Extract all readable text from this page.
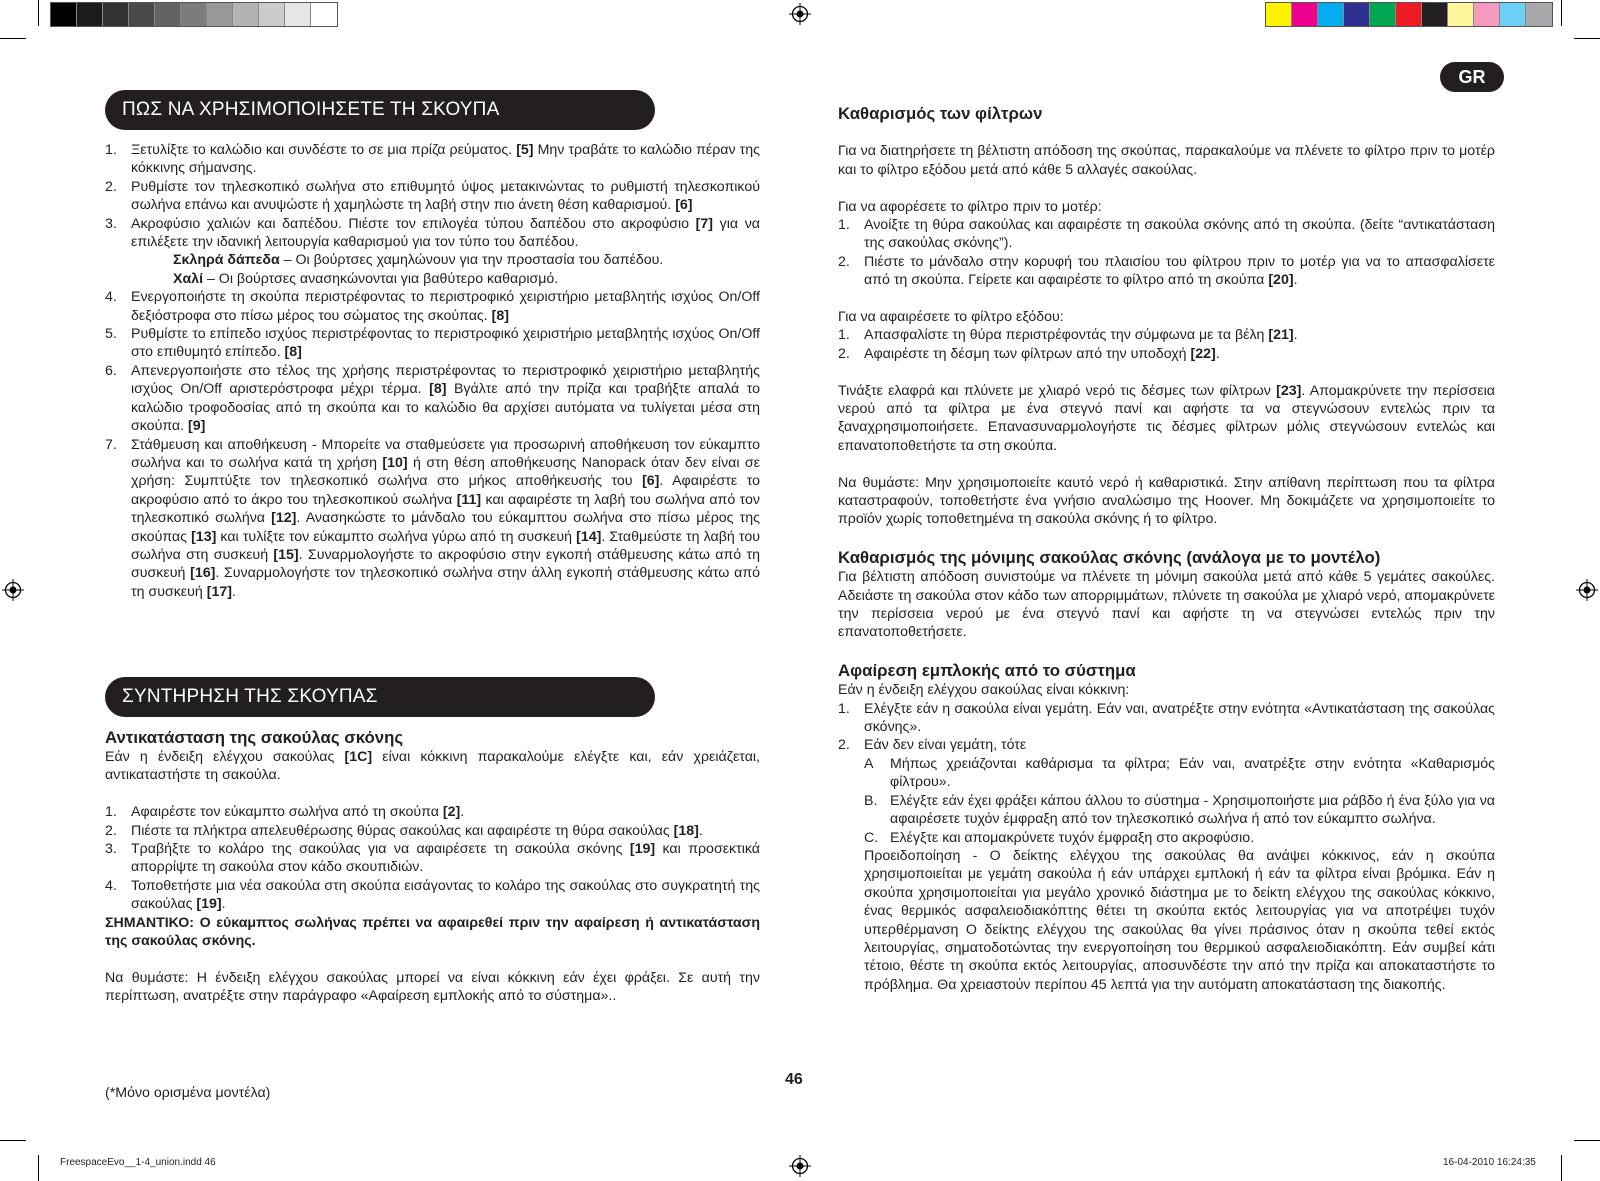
GR
ΠΩΣ ΝΑ ΧΡΗΣΙΜΟΠΟΙΗΣΕΤΕ ΤΗ ΣΚΟΥΠΑ
1. Ξετυλίξτε το καλώδιο και συνδέστε το σε μια πρίζα ρεύματος. [5] Μην τραβάτε το καλώδιο πέραν της κόκκινης σήμανσης.
2. Ρυθμίστε τον τηλεσκοπικό σωλήνα στο επιθυμητό ύψος μετακινώντας το ρυθμιστή τηλεσκοπικού σωλήνα επάνω και ανυψώστε ή χαμηλώστε τη λαβή στην πιο άνετη θέση καθαρισμού. [6]
3. Ακροφύσιο χαλιών και δαπέδου. Πιέστε τον επιλογέα τύπου δαπέδου στο ακροφύσιο [7] για να επιλέξετε την ιδανική λειτουργία καθαρισμού για τον τύπο του δαπέδου.
Σκληρά δάπεδα – Οι βούρτσες χαμηλώνουν για την προστασία του δαπέδου.
Χαλί – Οι βούρτσες ανασηκώνονται για βαθύτερο καθαρισμό.
4. Ενεργοποιήστε τη σκούπα περιστρέφοντας το περιστροφικό χειριστήριο μεταβλητής ισχύος On/Off δεξιόστροφα στο πίσω μέρος του σώματος της σκούπας. [8]
5. Ρυθμίστε το επίπεδο ισχύος περιστρέφοντας το περιστροφικό χειριστήριο μεταβλητής ισχύος On/Off στο επιθυμητό επίπεδο. [8]
6. Απενεργοποιήστε στο τέλος της χρήσης περιστρέφοντας το περιστροφικό χειριστήριο μεταβλητής ισχύος On/Off αριστερόστροφα μέχρι τέρμα. [8] Βγάλτε από την πρίζα και τραβήξτε απαλά το καλώδιο τροφοδοσίας από τη σκούπα και το καλώδιο θα αρχίσει αυτόματα να τυλίγεται μέσα στη σκούπα. [9]
7. Στάθμευση και αποθήκευση - Μπορείτε να σταθμεύσετε για προσωρινή αποθήκευση τον εύκαμπτο σωλήνα και το σωλήνα κατά τη χρήση [10] ή στη θέση αποθήκευσης Nanopack όταν δεν είναι σε χρήση: Συμπτύξτε τον τηλεσκοπικό σωλήνα στο μήκος αποθήκευσής του [6]. Αφαιρέστε το ακροφύσιο από το άκρο του τηλεσκοπικού σωλήνα [11] και αφαιρέστε τη λαβή του σωλήνα από τον τηλεσκοπικό σωλήνα [12]. Ανασηκώστε το μάνδαλο του εύκαμπτου σωλήνα στο πίσω μέρος της σκούπας [13] και τυλίξτε τον εύκαμπτο σωλήνα γύρω από τη συσκευή [14]. Σταθμεύστε τη λαβή του σωλήνα στη συσκευή [15]. Συναρμολογήστε το ακροφύσιο στην εγκοπή στάθμευσης κάτω από τη συσκευή [16]. Συναρμολογήστε τον τηλεσκοπικό σωλήνα στην άλλη εγκοπή στάθμευσης κάτω από τη συσκευή [17].
ΣΥΝΤΗΡΗΣΗ ΤΗΣ ΣΚΟΥΠΑΣ
Αντικατάσταση της σακούλας σκόνης

Εάν η ένδειξη ελέγχου σακούλας [1C] είναι κόκκινη παρακαλούμε ελέγξτε και, εάν χρειάζεται, αντικαταστήστε τη σακούλα.

1. Αφαιρέστε τον εύκαμπτο σωλήνα από τη σκούπα [2].
2. Πιέστε τα πλήκτρα απελευθέρωσης θύρας σακούλας και αφαιρέστε τη θύρα σακούλας [18].
3. Τραβήξτε το κολάρο της σακούλας για να αφαιρέσετε τη σακούλα σκόνης [19] και προσεκτικά απορρίψτε τη σακούλα στον κάδο σκουπιδιών.
4. Τοποθετήστε μια νέα σακούλα στη σκούπα εισάγοντας το κολάρο της σακούλας στο συγκρατητή της σακούλας [19].

ΣΗΜΑΝΤΙΚΟ: Ο εύκαμπτος σωλήνας πρέπει να αφαιρεθεί πριν την αφαίρεση ή αντικατάσταση της σακούλας σκόνης.

Να θυμάστε: Η ένδειξη ελέγχου σακούλας μπορεί να είναι κόκκινη εάν έχει φράξει. Σε αυτή την περίπτωση, ανατρέξτε στην παράγραφο «Αφαίρεση εμπλοκής από το σύστημα»..

Καθαρισμός των φίλτρων

Για να διατηρήσετε τη βέλτιστη απόδοση της σκούπας, παρακαλούμε να πλένετε το φίλτρο πριν το μοτέρ και το φίλτρο εξόδου μετά από κάθε 5 αλλαγές σακούλας.

Για να αφορέσετε το φίλτρο πριν το μοτέρ:

1. Ανοίξτε τη θύρα σακούλας και αφαιρέστε τη σακούλα σκόνης από τη σκούπα. (δείτε “αντικατάσταση της σακούλας σκόνης”).
2. Πιέστε το μάνδαλο στην κορυφή του πλαισίου του φίλτρου πριν το μοτέρ για να το απασφαλίσετε από τη σκούπα. Γείρετε και αφαιρέστε το φίλτρο από τη σκούπα [20].

Για να αφαιρέσετε το φίλτρο εξόδου:

1. Απασφαλίστε τη θύρα περιστρέφοντάς την σύμφωνα με τα βέλη [21].
2. Αφαιρέστε τη δέσμη των φίλτρων από την υποδοχή [22].

Τινάξτε ελαφρά και πλύνετε με χλιαρό νερό τις δέσμες των φίλτρων [23]. Απομακρύνετε την περίσσεια νερού από τα φίλτρα με ένα στεγνό πανί και αφήστε τα να στεγνώσουν εντελώς πριν τα ξαναχρησιμοποιήσετε. Επανασυναρμολογήστε τις δέσμες φίλτρων μόλις στεγνώσουν εντελώς και επανατοποθετήστε τα στη σκούπα.

Να θυμάστε: Μην χρησιμοποιείτε καυτό νερό ή καθαριστικά. Στην απίθανη περίπτωση που τα φίλτρα καταστραφούν, τοποθετήστε ένα γνήσιο αναλώσιμο της Hoover. Μη δοκιμάζετε να χρησιμοποιείτε το προϊόν χωρίς τοποθετημένα τη σακούλα σκόνης ή το φίλτρο.

Καθαρισμός της μόνιμης σακούλας σκόνης (ανάλογα με το μοντέλο)

Για βέλτιστη απόδοση συνιστούμε να πλένετε τη μόνιμη σακούλα μετά από κάθε 5 γεμάτες σακούλες. Αδειάστε τη σακούλα στον κάδο των απορριμμάτων, πλύνετε τη σακούλα με χλιαρό νερό, απομακρύνετε την περίσσεια νερού με ένα στεγνό πανί και αφήστε τη να στεγνώσει εντελώς πριν την επανατοποθετήσετε.

Αφαίρεση εμπλοκής από το σύστημα

Εάν η ένδειξη ελέγχου σακούλας είναι κόκκινη:

1. Ελέγξτε εάν η σακούλα είναι γεμάτη. Εάν ναι, ανατρέξτε στην ενότητα «Αντικατάσταση της σακούλας σκόνης».
2. Εάν δεν είναι γεμάτη, τότε
A Μήπως χρειάζονται καθάρισμα τα φίλτρα; Εάν ναι, ανατρέξτε στην ενότητα «Καθαρισμός φίλτρου».
B. Ελέγξτε εάν έχει φράξει κάπου άλλου το σύστημα - Χρησιμοποιήστε μια ράβδο ή ένα ξύλο για να αφαιρέσετε τυχόν έμφραξη από τον τηλεσκοπικό σωλήνα ή από τον εύκαμπτο σωλήνα.
C. Ελέγξτε και απομακρύνετε τυχόν έμφραξη στο ακροφύσιο.

Προειδοποίηση - Ο δείκτης ελέγχου της σακούλας θα ανάψει κόκκινος, εάν η σκούπα χρησιμοποιείται με γεμάτη σακούλα ή εάν υπάρχει εμπλοκή ή εάν τα φίλτρα είναι βρόμικα. Εάν η σκούπα χρησιμοποιείται για μεγάλο χρονικό διάστημα με το δείκτη ελέγχου της σακούλας κόκκινο, ένας θερμικός ασφαλειοδιακόπτης θέτει τη σκούπα εκτός λειτουργίας για να αποτρέψει τυχόν υπερθέρμανση Ο δείκτης ελέγχου της σακούλας θα γίνει πράσινος όταν η σκούπα τεθεί εκτός λειτουργίας, σηματοδοτώντας την ενεργοποίηση του θερμικού ασφαλειοδιακόπτη. Εάν συμβεί κάτι τέτοιο, θέστε τη σκούπα εκτός λειτουργίας, αποσυνδέστε την από την πρίζα και αποκαταστήστε το πρόβλημα. Θα χρειαστούν περίπου 45 λεπτά για την αυτόματη αποκατάσταση της διακοπής.

46
(*Μόνο ορισμένα μοντέλα)
FreespaceEvo__1-4_union.indd 46	16-04-2010 16:24:35
